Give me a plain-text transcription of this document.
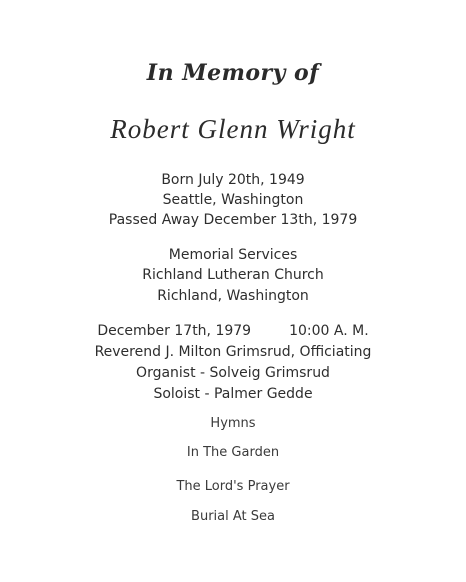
In Memory of
Robert Glenn Wright
Born July 20th, 1949
Seattle, Washington
Passed Away December 13th, 1979
Memorial Services
Richland Lutheran Church
Richland, Washington
December 17th, 1979	10:00 A. M.
Reverend J. Milton Grimsrud, Officiating
Organist - Solveig Grimsrud
Soloist - Palmer Gedde
Hymns
In The Garden
The Lord's Prayer
Burial At Sea
